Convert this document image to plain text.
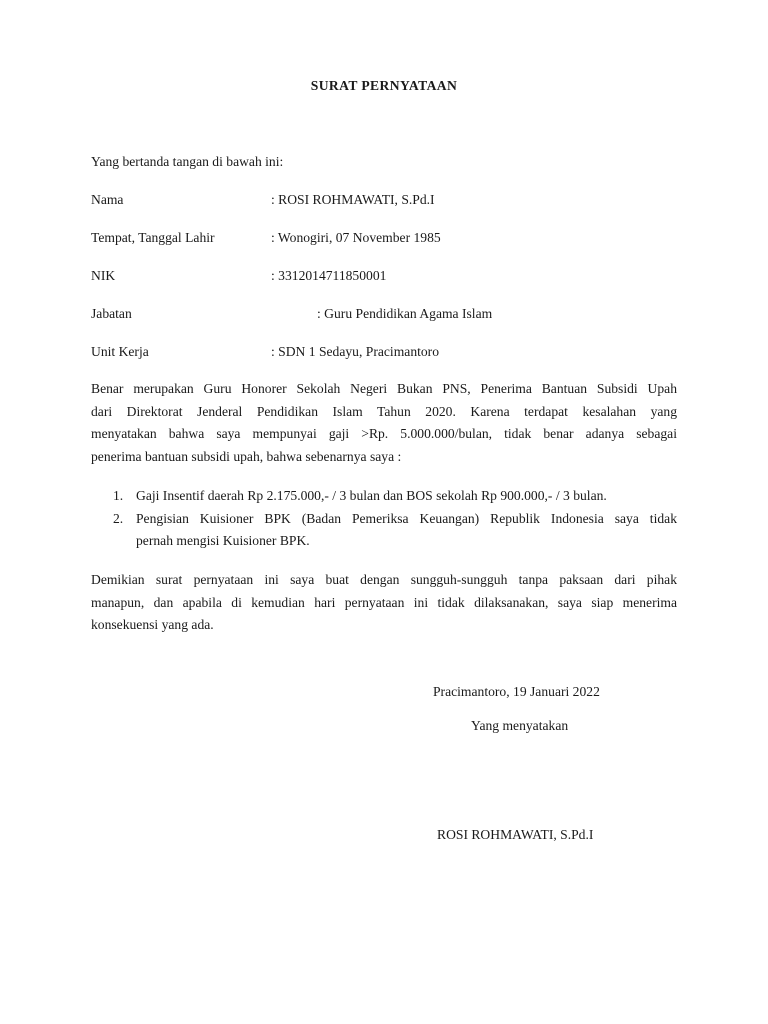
SURAT PERNYATAAN
Yang bertanda tangan di bawah ini:
Nama	: ROSI ROHMAWATI, S.Pd.I
Tempat, Tanggal Lahir	: Wonogiri, 07 November 1985
NIK	: 3312014711850001
Jabatan	: Guru Pendidikan Agama Islam
Unit Kerja	: SDN 1 Sedayu, Pracimantoro
Benar merupakan Guru Honorer Sekolah Negeri Bukan PNS, Penerima Bantuan Subsidi Upah
dari Direktorat Jenderal Pendidikan Islam Tahun 2020. Karena terdapat kesalahan yang
menyatakan bahwa saya mempunyai gaji >Rp. 5.000.000/bulan, tidak benar adanya sebagai
penerima bantuan subsidi upah, bahwa sebenarnya saya :
1. Gaji Insentif daerah Rp 2.175.000,- / 3 bulan dan BOS sekolah Rp 900.000,- / 3 bulan.
2. Pengisian Kuisioner BPK (Badan Pemeriksa Keuangan) Republik Indonesia saya tidak
pernah mengisi Kuisioner BPK.
Demikian surat pernyataan ini saya buat dengan sungguh-sungguh tanpa paksaan dari pihak
manapun, dan apabila di kemudian hari pernyataan ini tidak dilaksanakan, saya siap menerima
konsekuensi yang ada.
Pracimantoro, 19 Januari 2022
Yang menyatakan
ROSI ROHMAWATI, S.Pd.I
